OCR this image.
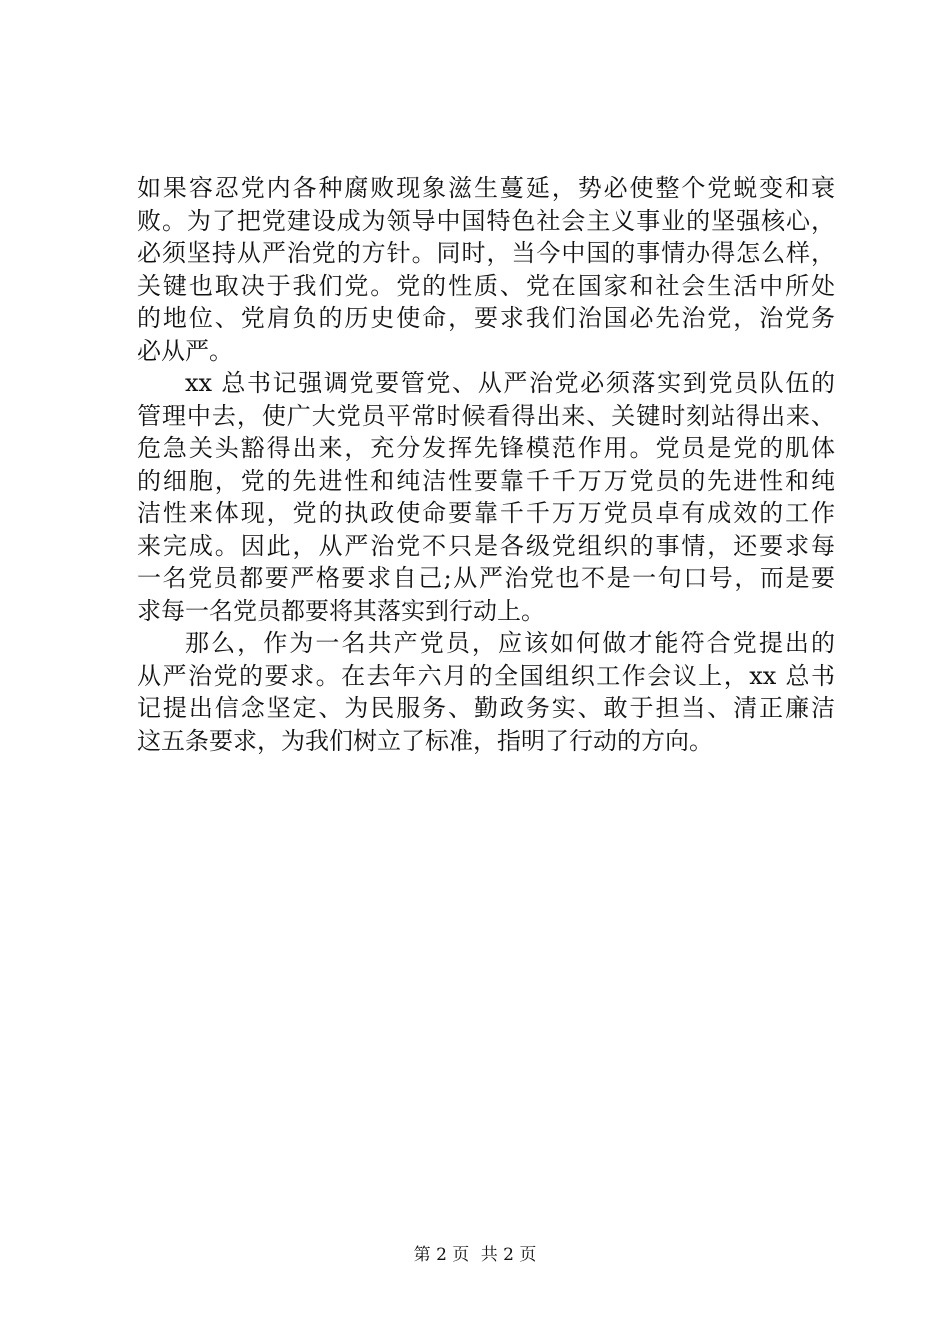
如果容忍党内各种腐败现象滋生蔓延，势必使整个党蜕变和衰
败。为了把党建设成为领导中国特色社会主义事业的坚强核心，
必须坚持从严治党的方针。同时，当今中国的事情办得怎么样，
关键也取决于我们党。党的性质、党在国家和社会生活中所处
的地位、党肩负的历史使命，要求我们治国必先治党，治党务
必从严。
xx 总书记强调党要管党、从严治党必须落实到党员队伍的
管理中去，使广大党员平常时候看得出来、关键时刻站得出来、
危急关头豁得出来，充分发挥先锋模范作用。党员是党的肌体
的细胞，党的先进性和纯洁性要靠千千万万党员的先进性和纯
洁性来体现，党的执政使命要靠千千万万党员卓有成效的工作
来完成。因此，从严治党不只是各级党组织的事情，还要求每
一名党员都要严格要求自己;从严治党也不是一句口号，而是要
求每一名党员都要将其落实到行动上。
那么，作为一名共产党员，应该如何做才能符合党提出的
从严治党的要求。在去年六月的全国组织工作会议上，xx 总书
记提出信念坚定、为民服务、勤政务实、敢于担当、清正廉洁
这五条要求，为我们树立了标准，指明了行动的方向。
第 2 页 共 2 页
